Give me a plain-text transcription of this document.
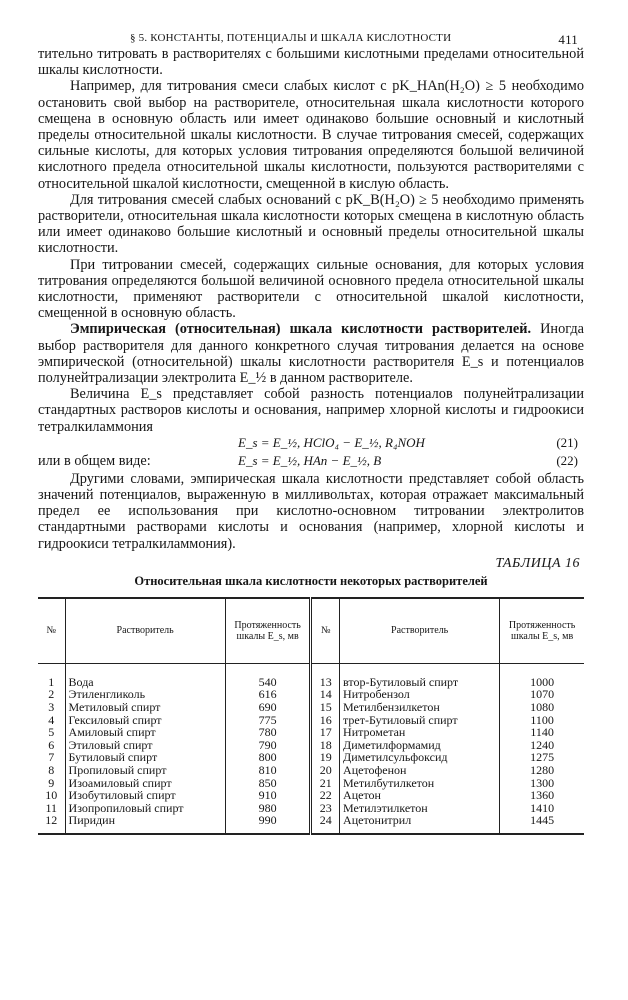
§ 5. КОНСТАНТЫ, ПОТЕНЦИАЛЫ И ШКАЛА КИСЛОТНОСТИ	411

тительно титровать в растворителях с большими кислотными пределами относительной шкалы кислотности.

Например, для титрования смеси слабых кислот с pK_HAn(H₂O) ≥ 5 необходимо остановить свой выбор на растворителе, относительная шкала кислотности которого смещена в основную область или имеет одинаково большие основный и кислотный пределы относительной шкалы кислотности. В случае титрования смесей, содержащих сильные кислоты, для которых условия титрования определяются большой величиной кислотного предела относительной шкалы кислотности, пользуются растворителями с относительной шкалой кислотности, смещенной в кислую область.

Для титрования смесей слабых оснований с pK_B(H₂O) ≥ 5 необходимо применять растворители, относительная шкала кислотности которых смещена в кислотную область или имеет одинаково большие кислотный и основный пределы относительной шкалы кислотности.

При титровании смесей, содержащих сильные основания, для которых условия титрования определяются большой величиной основного предела относительной шкалы кислотности, применяют растворители с относительной шкалой кислотности, смещенной в основную область.

Эмпирическая (относительная) шкала кислотности растворителей. Иногда выбор растворителя для данного конкретного случая титрования делается на основе эмпирической (относительной) шкалы кислотности растворителя E_s и потенциалов полунейтрализации электролита E_½ в данном растворителе.

Величина E_s представляет собой разность потенциалов полунейтрализации стандартных растворов кислоты и основания, например хлорной кислоты и гидроокиси тетралкиламмония

E_s = E_½, HClO₄ − E_½, R₄NOH	(21)
или в общем виде:	E_s = E_½, HAn − E_½, B	(22)

Другими словами, эмпирическая шкала кислотности представляет собой область значений потенциалов, выраженную в милливольтах, которая отражает максимальный предел ее использования при кислотно-основном титровании электролитов стандартными растворами кислоты и основания (например, хлорной кислоты и гидроокиси тетралкиламмония).

ТАБЛИЦА 16
Относительная шкала кислотности некоторых растворителей
№	Растворитель	Протяженность шкалы E_s, мв	№	Растворитель	Протяженность шкалы E_s, мв
1	Вода	540	13	втор-Бутиловый спирт	1000
2	Этиленгликоль	616	14	Нитробензол	1070
3	Метиловый спирт	690	15	Метилбензилкетон	1080
4	Гексиловый спирт	775	16	трет-Бутиловый спирт	1100
5	Амиловый спирт	780	17	Нитрометан	1140
6	Этиловый спирт	790	18	Диметилформамид	1240
7	Бутиловый спирт	800	19	Диметилсульфоксид	1275
8	Пропиловый спирт	810	20	Ацетофенон	1280
9	Изоамиловый спирт	850	21	Метилбутилкетон	1300
10	Изобутиловый спирт	910	22	Ацетон	1360
11	Изопропиловый спирт	980	23	Метилэтилкетон	1410
12	Пиридин	990	24	Ацетонитрил	1445
